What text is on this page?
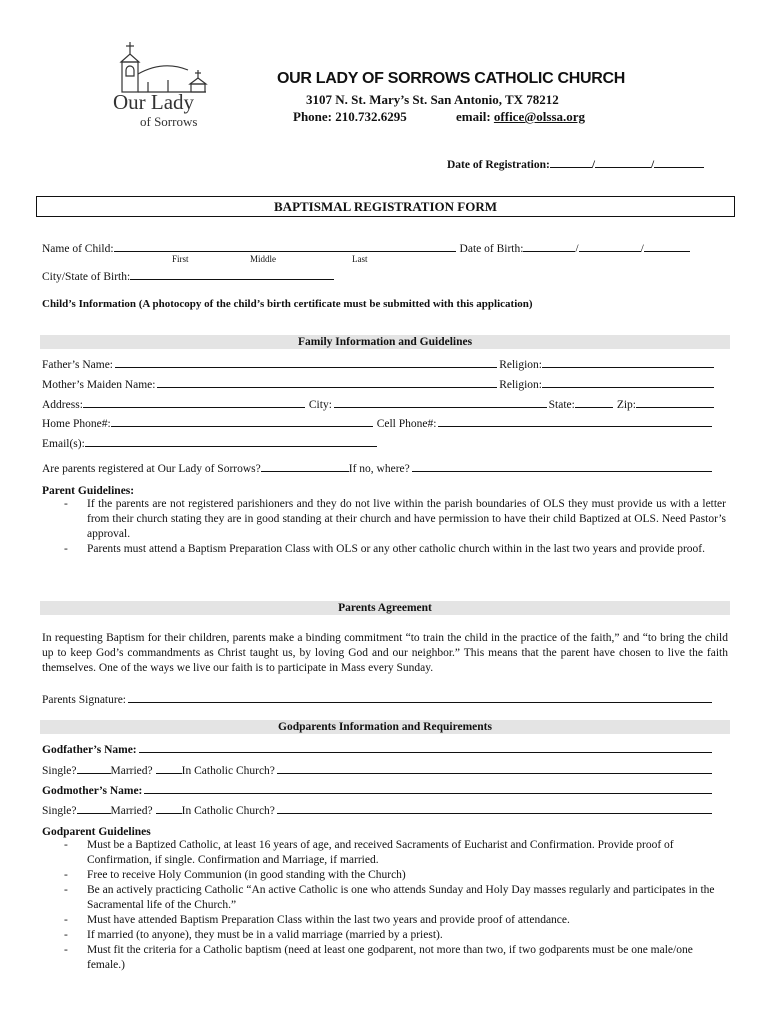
Our Lady
of Sorrows
OUR LADY OF SORROWS CATHOLIC CHURCH
3107 N. St. Mary’s St. San Antonio, TX 78212
Phone: 210.732.6295	email: office@olssa.org
Date of Registration:	/	/
BAPTISMAL REGISTRATION FORM
Name of Child:	Date of Birth:	/	/
First	Middle	Last
City/State of Birth:
Child’s Information (A photocopy of the child’s birth certificate must be submitted with this application)
Family Information and Guidelines
Father’s Name:	Religion:
Mother’s Maiden Name:	Religion:
Address:	City:	State:	Zip:
Home Phone#:	Cell Phone#:
Email(s):
Are parents registered at Our Lady of Sorrows?	If no, where?
Parent Guidelines:
- If the parents are not registered parishioners and they do not live within the parish boundaries of OLS they must provide us with a letter from their church stating they are in good standing at their church and have permission to have their child Baptized at OLS. Need Pastor’s approval.
- Parents must attend a Baptism Preparation Class with OLS or any other catholic church within in the last two years and provide proof.
Parents Agreement
In requesting Baptism for their children, parents make a binding commitment “to train the child in the practice of the faith,” and “to bring the child up to keep God’s commandments as Christ taught us, by loving God and our neighbor.” This means that the parent have chosen to live the faith themselves. One of the ways we live our faith is to participate in Mass every Sunday.
Parents Signature:
Godparents Information and Requirements
Godfather’s Name:
Single?	Married?	In Catholic Church?
Godmother’s Name:
Single?	Married?	In Catholic Church?
Godparent Guidelines
- Must be a Baptized Catholic, at least 16 years of age, and received Sacraments of Eucharist and Confirmation. Provide proof of Confirmation, if single. Confirmation and Marriage, if married.
- Free to receive Holy Communion (in good standing with the Church)
- Be an actively practicing Catholic “An active Catholic is one who attends Sunday and Holy Day masses regularly and participates in the Sacramental life of the Church.”
- Must have attended Baptism Preparation Class within the last two years and provide proof of attendance.
- If married (to anyone), they must be in a valid marriage (married by a priest).
- Must fit the criteria for a Catholic baptism (need at least one godparent, not more than two, if two godparents must be one male/one female.)
